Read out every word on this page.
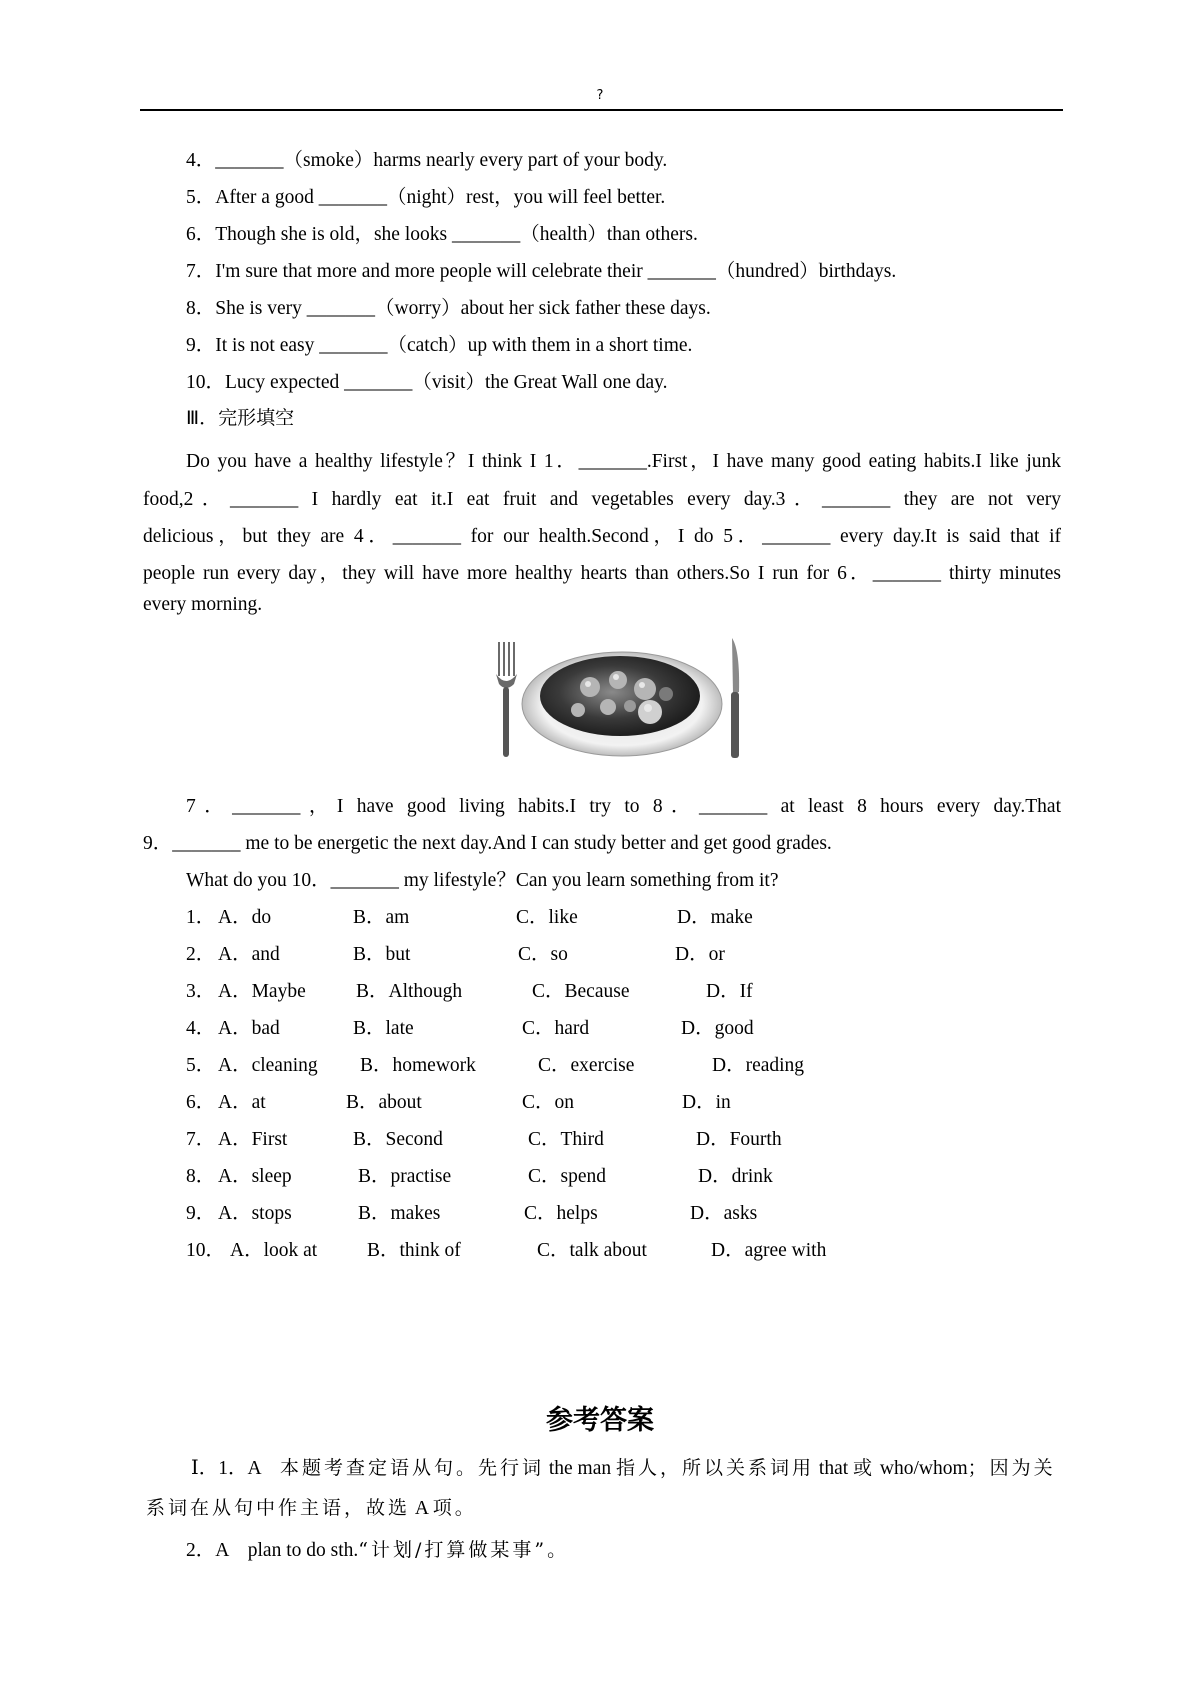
?
4．_______（smoke）harms nearly every part of your body.
5．After a good _______（night）rest，you will feel better.
6．Though she is old，she looks _______（health）than others.
7．I'm sure that more and more people will celebrate their _______（hundred）birthdays.
8．She is very _______（worry）about her sick father these days.
9．It is not easy _______（catch）up with them in a short time.
10．Lucy expected _______（visit）the Great Wall one day.
Ⅲ．完形填空
Do you have a healthy lifestyle？I think I 1．_______.First，I have many good eating habits.I like junk
food,2．_______ I hardly eat it.I eat fruit and vegetables every day.3．_______ they are not very
delicious，but they are 4．_______ for our health.Second，I do 5．_______ every day.It is said that if
people run every day，they will have more healthy hearts than others.So I run for 6．_______ thirty minutes
every morning.
7．_______，I have good living habits.I try to 8．_______ at least 8 hours every day.That
9．_______ me to be energetic the next day.And I can study better and get good grades.
What do you 10．_______ my lifestyle？Can you learn something from it?
1． A．do	B．am	C．like	D．make
2． A．and	B．but	C．so	D．or
3． A．Maybe	B．Although	C．Because	D．If
4． A．bad	B．late	C．hard	D．good
5． A．cleaning B．homework	C．exercise	D．reading
6． A．at	B．about	C．on	D．in
7． A．First	B．Second	C．Third	D．Fourth
8． A．sleep	B．practise	C．spend	D．drink
9． A．stops	B．makes	C．helps	D．asks
10． A．look at	B．think of	C．talk about	D．agree with
参考答案
Ⅰ．1．A　本题考查定语从句。先行词 the man 指人，所以关系词用 that 或 who/whom；因为关
系词在从句中作主语，故选 A 项。
2．A　plan to do sth.“计划/打算做某事”。
